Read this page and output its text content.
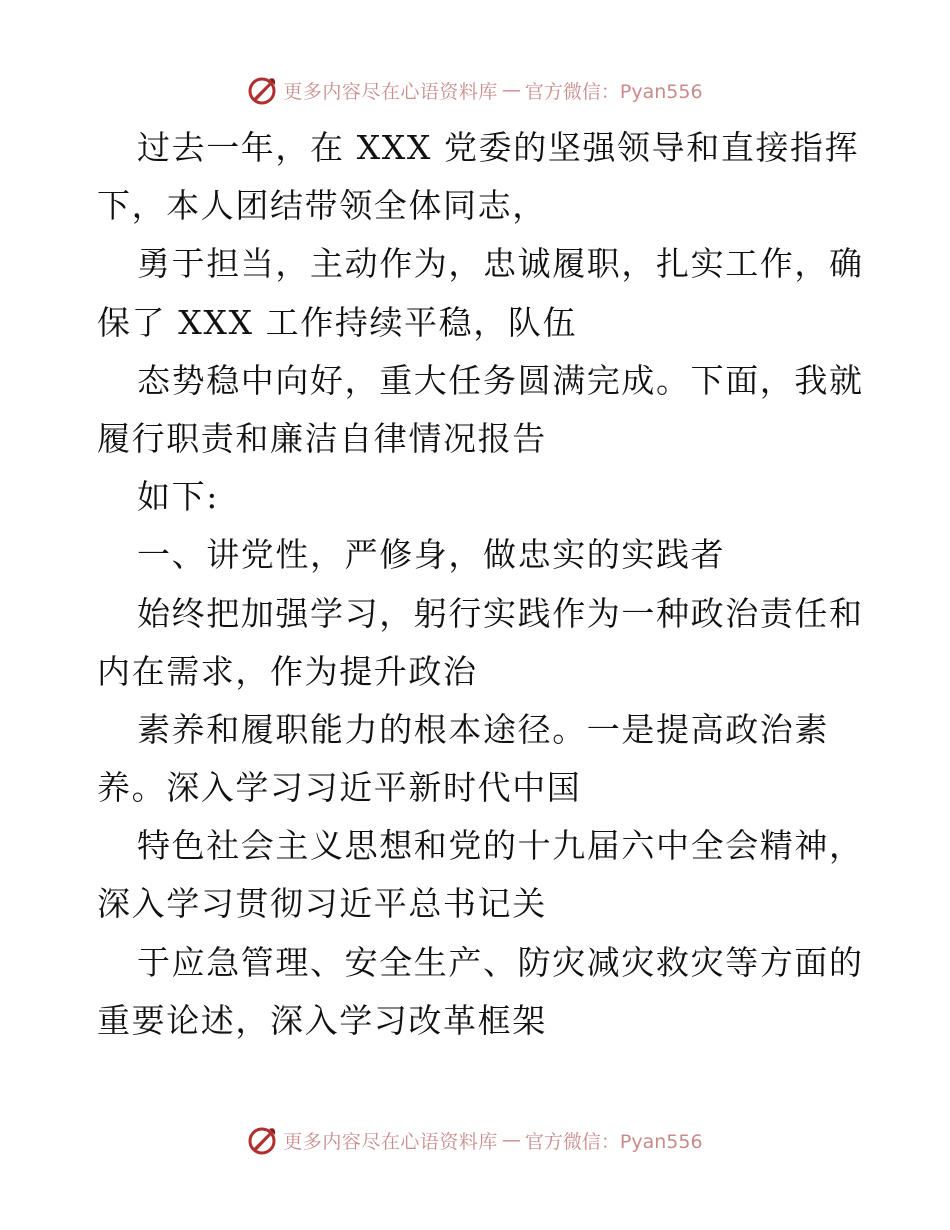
更多内容尽在心语资料库 — 官方微信：Pyan556
过去一年，在 XXX 党委的坚强领导和直接指挥
下，本人团结带领全体同志，
勇于担当，主动作为，忠诚履职，扎实工作，确
保了 XXX 工作持续平稳，队伍
态势稳中向好，重大任务圆满完成。下面，我就
履行职责和廉洁自律情况报告
如下:
一、讲党性，严修身，做忠实的实践者
始终把加强学习，躬行实践作为一种政治责任和
内在需求，作为提升政治
素养和履职能力的根本途径。一是提高政治素
养。深入学习习近平新时代中国
特色社会主义思想和党的十九届六中全会精神，
深入学习贯彻习近平总书记关
于应急管理、安全生产、防灾减灾救灾等方面的
重要论述，深入学习改革框架
更多内容尽在心语资料库 — 官方微信：Pyan556
